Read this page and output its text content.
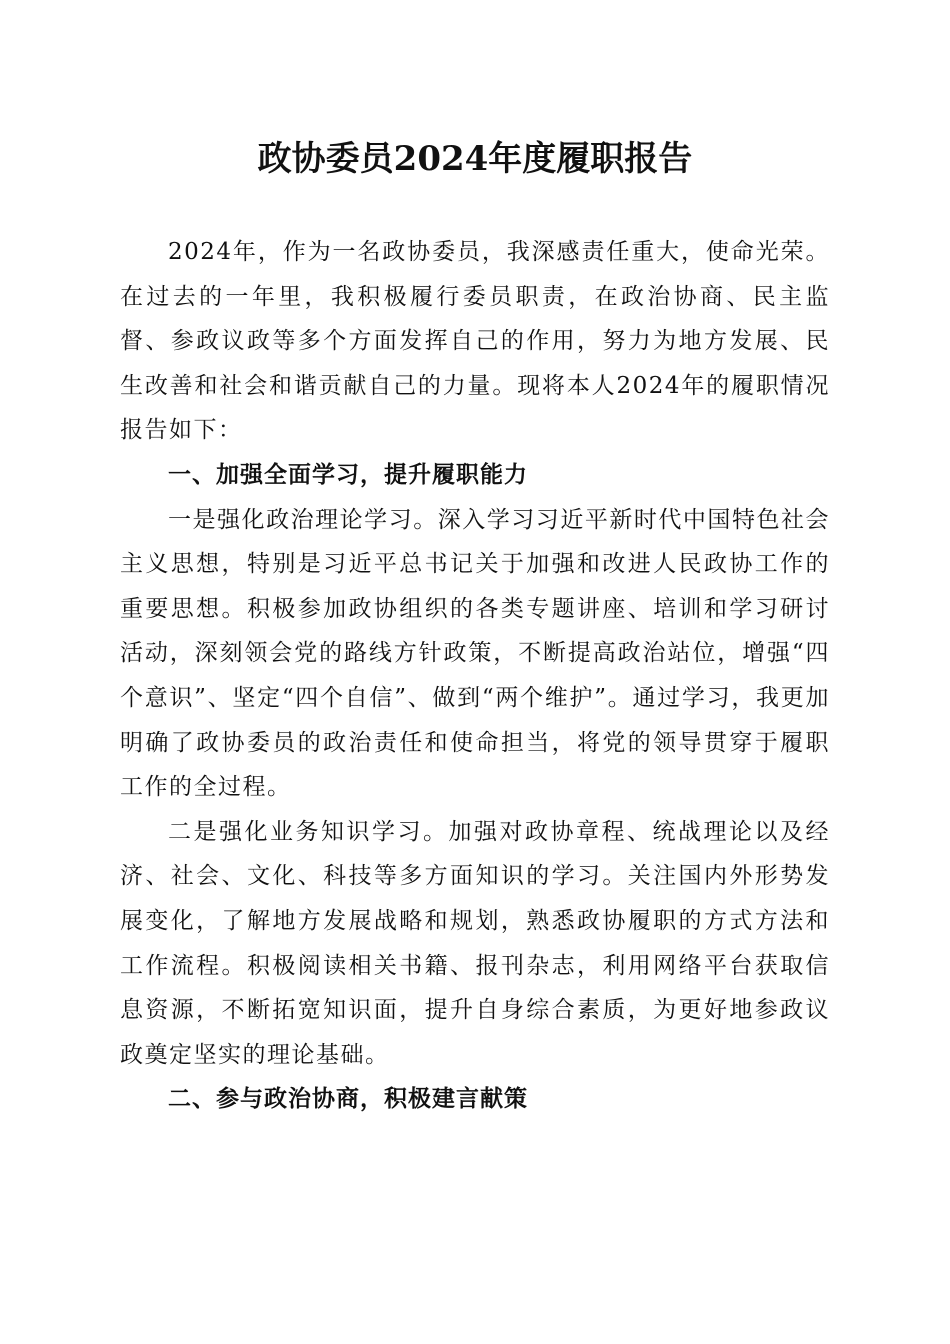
政协委员2024年度履职报告

2024年，作为一名政协委员，我深感责任重大，使命光荣。在过去的一年里，我积极履行委员职责，在政治协商、民主监督、参政议政等多个方面发挥自己的作用，努力为地方发展、民生改善和社会和谐贡献自己的力量。现将本人2024年的履职情况报告如下：

一、加强全面学习，提升履职能力

一是强化政治理论学习。深入学习习近平新时代中国特色社会主义思想，特别是习近平总书记关于加强和改进人民政协工作的重要思想。积极参加政协组织的各类专题讲座、培训和学习研讨活动，深刻领会党的路线方针政策，不断提高政治站位，增强“四个意识”、坚定“四个自信”、做到“两个维护”。通过学习，我更加明确了政协委员的政治责任和使命担当，将党的领导贯穿于履职工作的全过程。

二是强化业务知识学习。加强对政协章程、统战理论以及经济、社会、文化、科技等多方面知识的学习。关注国内外形势发展变化，了解地方发展战略和规划，熟悉政协履职的方式方法和工作流程。积极阅读相关书籍、报刊杂志，利用网络平台获取信息资源，不断拓宽知识面，提升自身综合素质，为更好地参政议政奠定坚实的理论基础。

二、参与政治协商，积极建言献策
